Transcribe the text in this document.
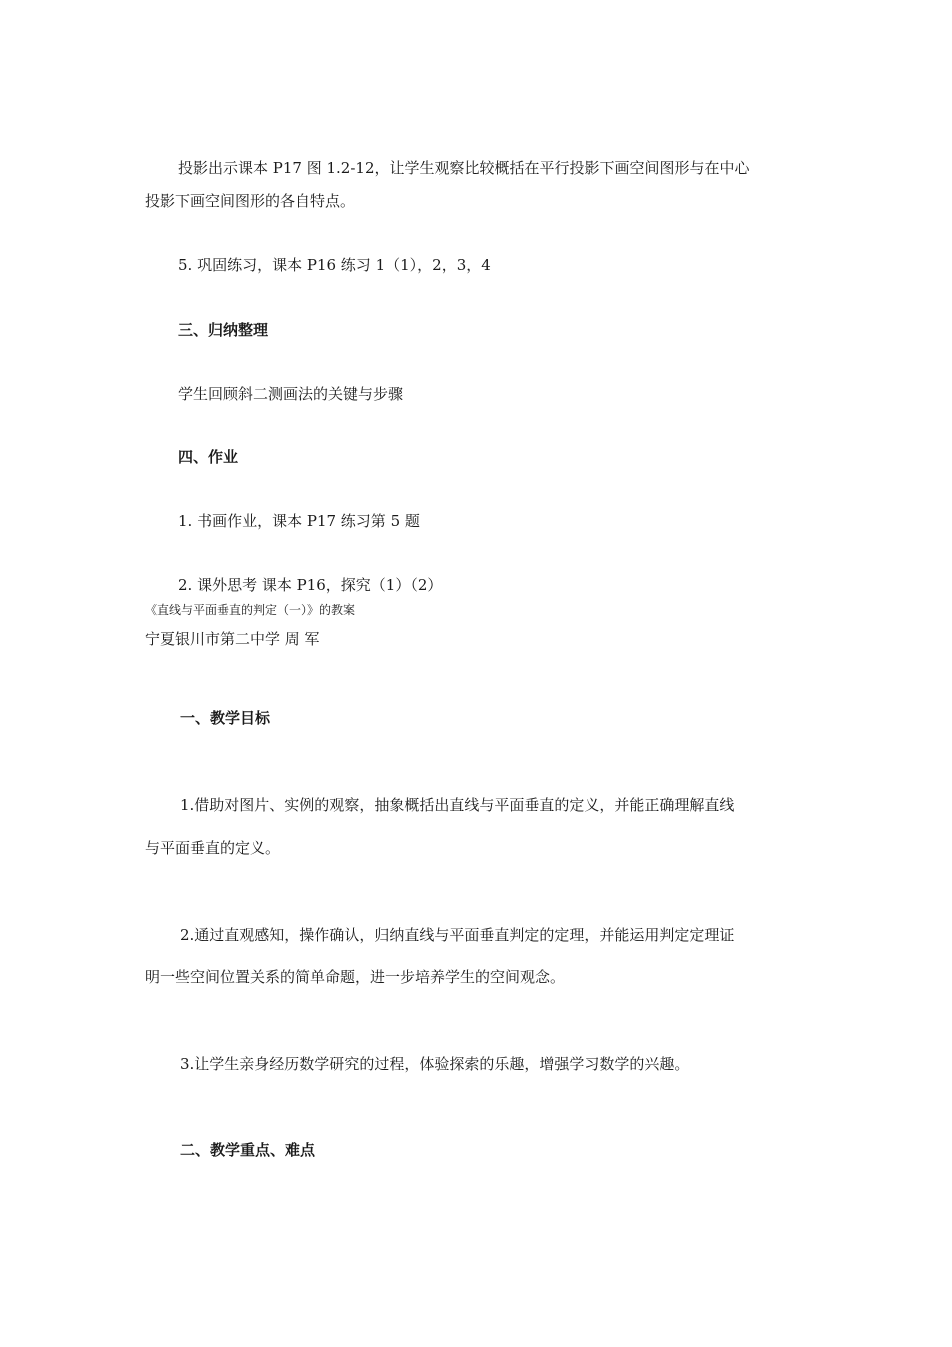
投影出示课本 P17 图 1.2-12，让学生观察比较概括在平行投影下画空间图形与在中心
投影下画空间图形的各自特点。
5. 巩固练习，课本 P16 练习 1（1），2，3，4
三、归纳整理
学生回顾斜二测画法的关键与步骤
四、作业
1. 书画作业，课本 P17 练习第 5 题
2. 课外思考 课本 P16，探究（1）（2）
《直线与平面垂直的判定（一）》的教案
宁夏银川市第二中学 周 军
一、教学目标
1.借助对图片、实例的观察，抽象概括出直线与平面垂直的定义，并能正确理解直线
与平面垂直的定义。
2.通过直观感知，操作确认，归纳直线与平面垂直判定的定理，并能运用判定定理证
明一些空间位置关系的简单命题，进一步培养学生的空间观念。
3.让学生亲身经历数学研究的过程，体验探索的乐趣，增强学习数学的兴趣。
二、教学重点、难点
